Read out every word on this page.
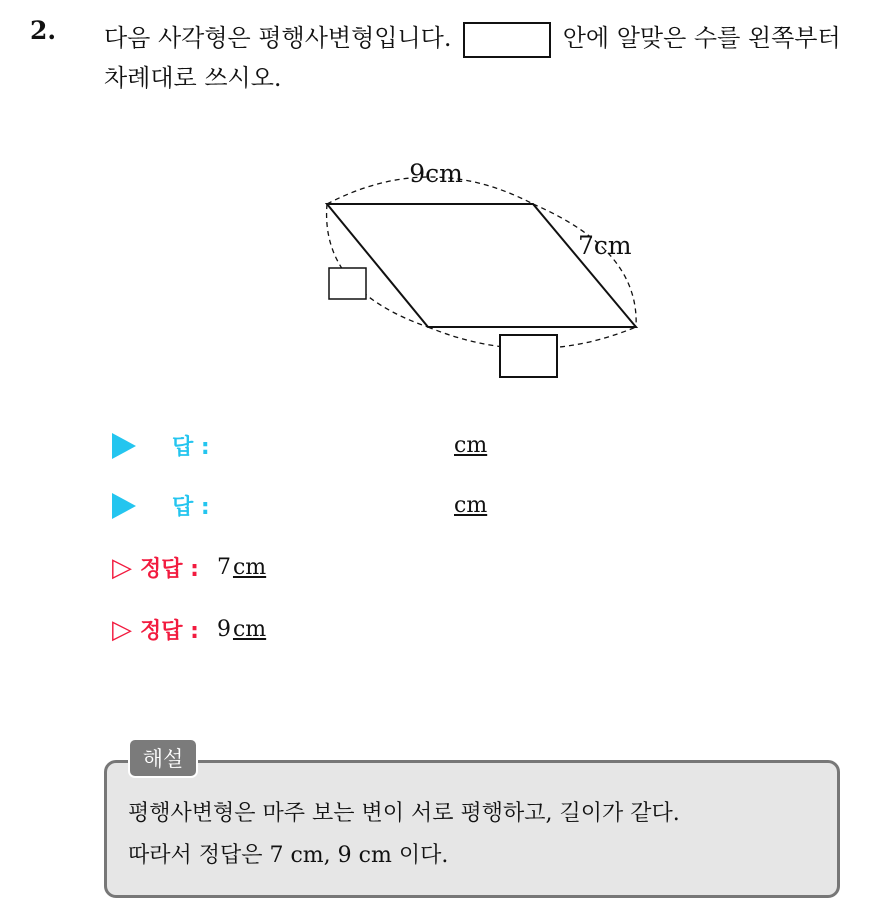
2. 다음 사각형은 평행사변형입니다.	안에 알맞은 수를 왼쪽부터
차례대로 쓰시오.
9cm
7cm
답 :	cm
답 :	cm
▷ 정답 : 7 cm
▷ 정답 : 9 cm
해설
평행사변형은 마주 보는 변이 서로 평행하고, 길이가 같다.
따라서 정답은 7 cm, 9 cm 이다.
